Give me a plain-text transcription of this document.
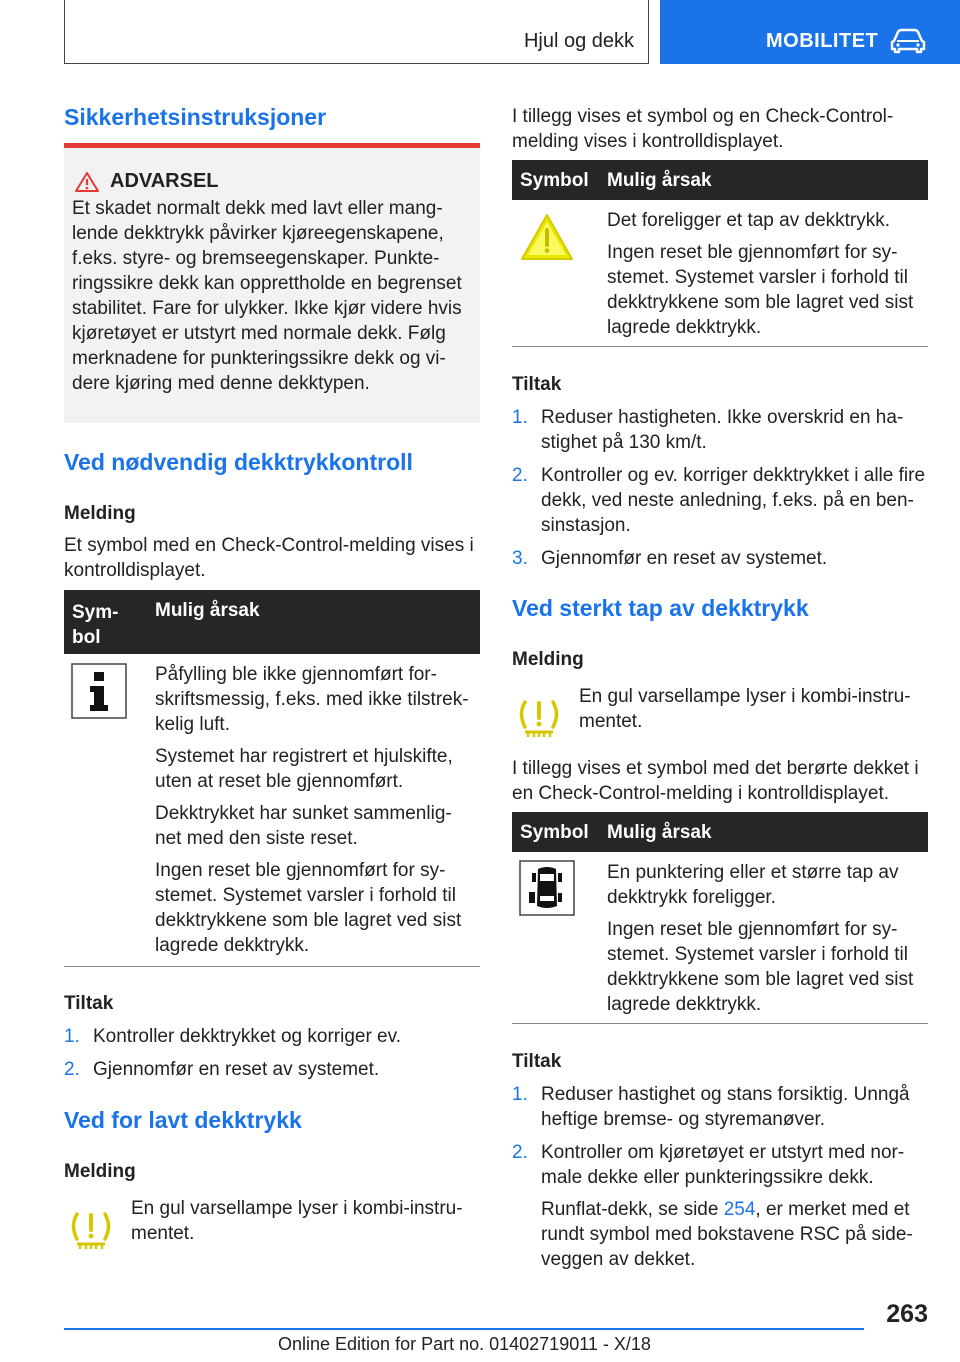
Hjul og dekk	MOBILITET
Sikkerhetsinstruksjoner
ADVARSEL
Et skadet normalt dekk med lavt eller mang-
lende dekktrykk påvirker kjøreegenskapene,
f.eks. styre- og bremseegenskaper. Punkte-
ringssikre dekk kan opprettholde en begrenset
stabilitet. Fare for ulykker. Ikke kjør videre hvis
kjøretøyet er utstyrt med normale dekk. Følg
merknadene for punkteringssikre dekk og vi-
dere kjøring med denne dekktypen.
Ved nødvendig dekktrykkontroll
Melding
Et symbol med en Check-Control-melding vises i
kontrolldisplayet.
Sym-
bol
Mulig årsak
Påfylling ble ikke gjennomført for-
skriftsmessig, f.eks. med ikke tilstrek-
kelig luft.
Systemet har registrert et hjulskifte,
uten at reset ble gjennomført.
Dekktrykket har sunket sammenlig-
net med den siste reset.
Ingen reset ble gjennomført for sy-
stemet. Systemet varsler i forhold til
dekktrykkene som ble lagret ved sist
lagrede dekktrykk.
Tiltak
1. Kontroller dekktrykket og korriger ev.
2. Gjennomfør en reset av systemet.
Ved for lavt dekktrykk
Melding
En gul varsellampe lyser i kombi-instru-
mentet.
I tillegg vises et symbol og en Check-Control-
melding vises i kontrolldisplayet.
Symbol Mulig årsak
Det foreligger et tap av dekktrykk.
Ingen reset ble gjennomført for sy-
stemet. Systemet varsler i forhold til
dekktrykkene som ble lagret ved sist
lagrede dekktrykk.
Tiltak
1. Reduser hastigheten. Ikke overskrid en ha-
stighet på 130 km/t.
2. Kontroller og ev. korriger dekktrykket i alle fire
dekk, ved neste anledning, f.eks. på en ben-
sinstasjon.
3. Gjennomfør en reset av systemet.
Ved sterkt tap av dekktrykk
Melding
En gul varsellampe lyser i kombi-instru-
mentet.
I tillegg vises et symbol med det berørte dekket i
en Check-Control-melding i kontrolldisplayet.
Symbol Mulig årsak
En punktering eller et større tap av
dekktrykk foreligger.
Ingen reset ble gjennomført for sy-
stemet. Systemet varsler i forhold til
dekktrykkene som ble lagret ved sist
lagrede dekktrykk.
Tiltak
1. Reduser hastighet og stans forsiktig. Unngå
heftige bremse- og styremanøver.
2. Kontroller om kjøretøyet er utstyrt med nor-
male dekke eller punkteringssikre dekk.
Runflat-dekk, se side 254, er merket med et
rundt symbol med bokstavene RSC på side-
veggen av dekket.
263
Online Edition for Part no. 01402719011 - X/18
